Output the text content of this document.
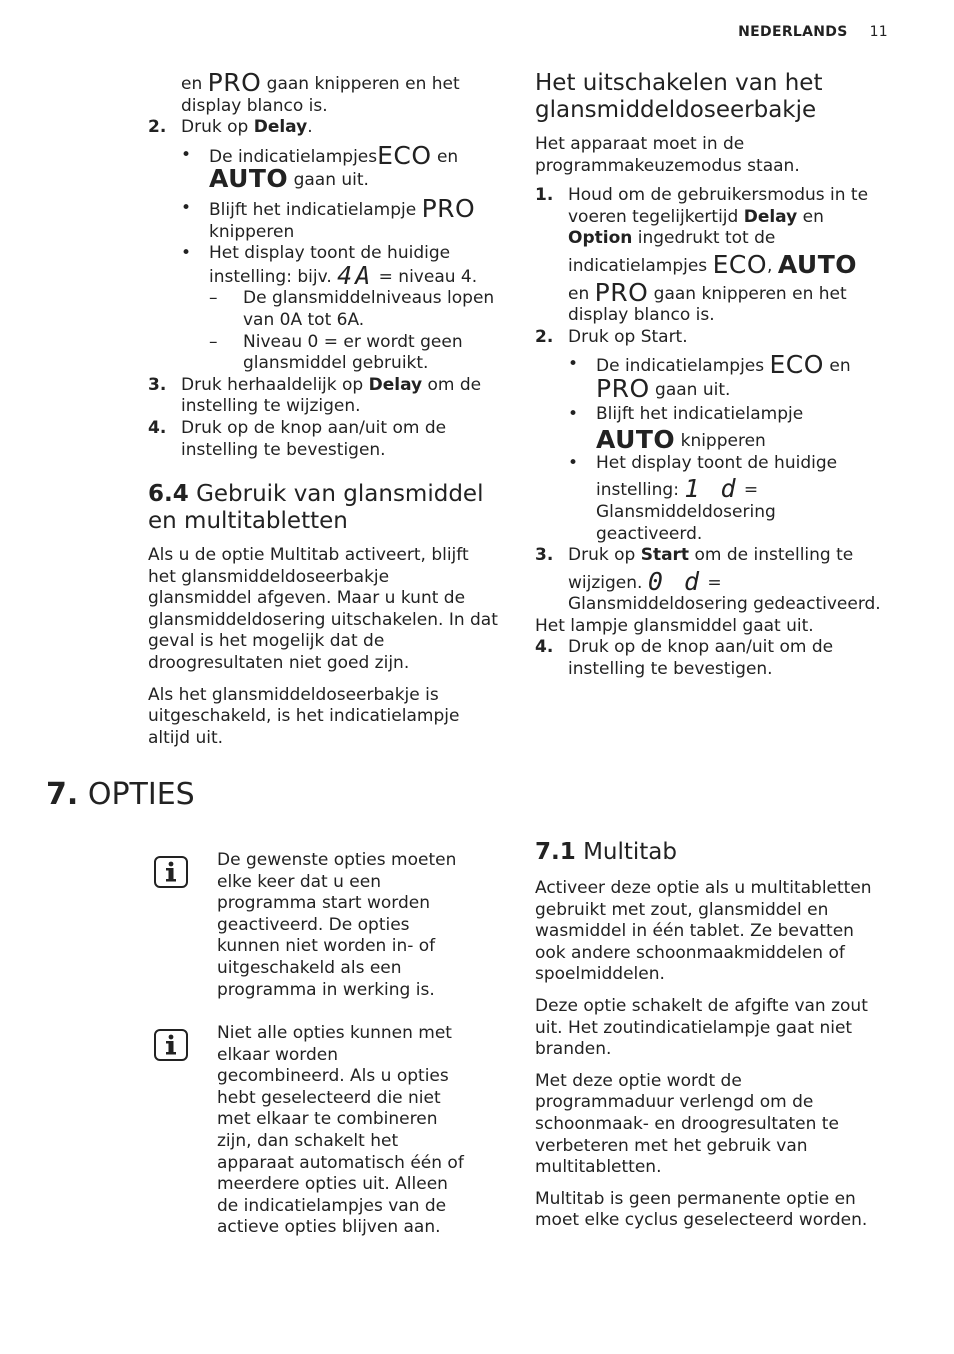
NEDERLANDS 11

en PRO gaan knipperen en het

display blanco is.

2. Druk op Delay.

• De indicatielampjesECO en

AUTO gaan uit.

• Blijft het indicatielampje PRO

knipperen

• Het display toont de huidige

instelling: bijv. 4A = niveau 4.

– De glansmiddelniveaus lopen

van 0A tot 6A.

– Niveau 0 = er wordt geen

glansmiddel gebruikt.

3. Druk herhaaldelijk op Delay om de

instelling te wijzigen.

4. Druk op de knop aan/uit om de

instelling te bevestigen.

6.4 Gebruik van glansmiddel
en multitabletten

Als u de optie Multitab activeert, blijft

het glansmiddeldoseerbakje

glansmiddel afgeven. Maar u kunt de

glansmiddeldosering uitschakelen. In dat

geval is het mogelijk dat de

droogresultaten niet goed zijn.

Als het glansmiddeldoseerbakje is

uitgeschakeld, is het indicatielampje

altijd uit.

Het uitschakelen van het
glansmiddeldoseerbakje

Het apparaat moet in de

programmakeuzemodus staan.

1. Houd om de gebruikersmodus in te

voeren tegelijkertijd Delay en

Option ingedrukt tot de

indicatielampjes ECO, AUTO

en PRO gaan knipperen en het

display blanco is.

2. Druk op Start.

• De indicatielampjes ECO en

PRO gaan uit.

• Blijft het indicatielampje

AUTO knipperen

• Het display toont de huidige

instelling: 1 d =

Glansmiddeldosering

geactiveerd.

3. Druk op Start om de instelling te

wijzigen. 0 d =

Glansmiddeldosering gedeactiveerd.

Het lampje glansmiddel gaat uit.

4. Druk op de knop aan/uit om de

instelling te bevestigen.

7. OPTIES

De gewenste opties moeten

elke keer dat u een

programma start worden

geactiveerd. De opties

kunnen niet worden in- of

uitgeschakeld als een

programma in werking is.

Niet alle opties kunnen met

elkaar worden

gecombineerd. Als u opties

hebt geselecteerd die niet

met elkaar te combineren

zijn, dan schakelt het

apparaat automatisch één of

meerdere opties uit. Alleen

de indicatielampjes van de

actieve opties blijven aan.

7.1 Multitab

Activeer deze optie als u multitabletten

gebruikt met zout, glansmiddel en

wasmiddel in één tablet. Ze bevatten

ook andere schoonmaakmiddelen of

spoelmiddelen.

Deze optie schakelt de afgifte van zout

uit. Het zoutindicatielampje gaat niet

branden.

Met deze optie wordt de

programmaduur verlengd om de

schoonmaak- en droogresultaten te

verbeteren met het gebruik van

multitabletten.

Multitab is geen permanente optie en

moet elke cyclus geselecteerd worden.
